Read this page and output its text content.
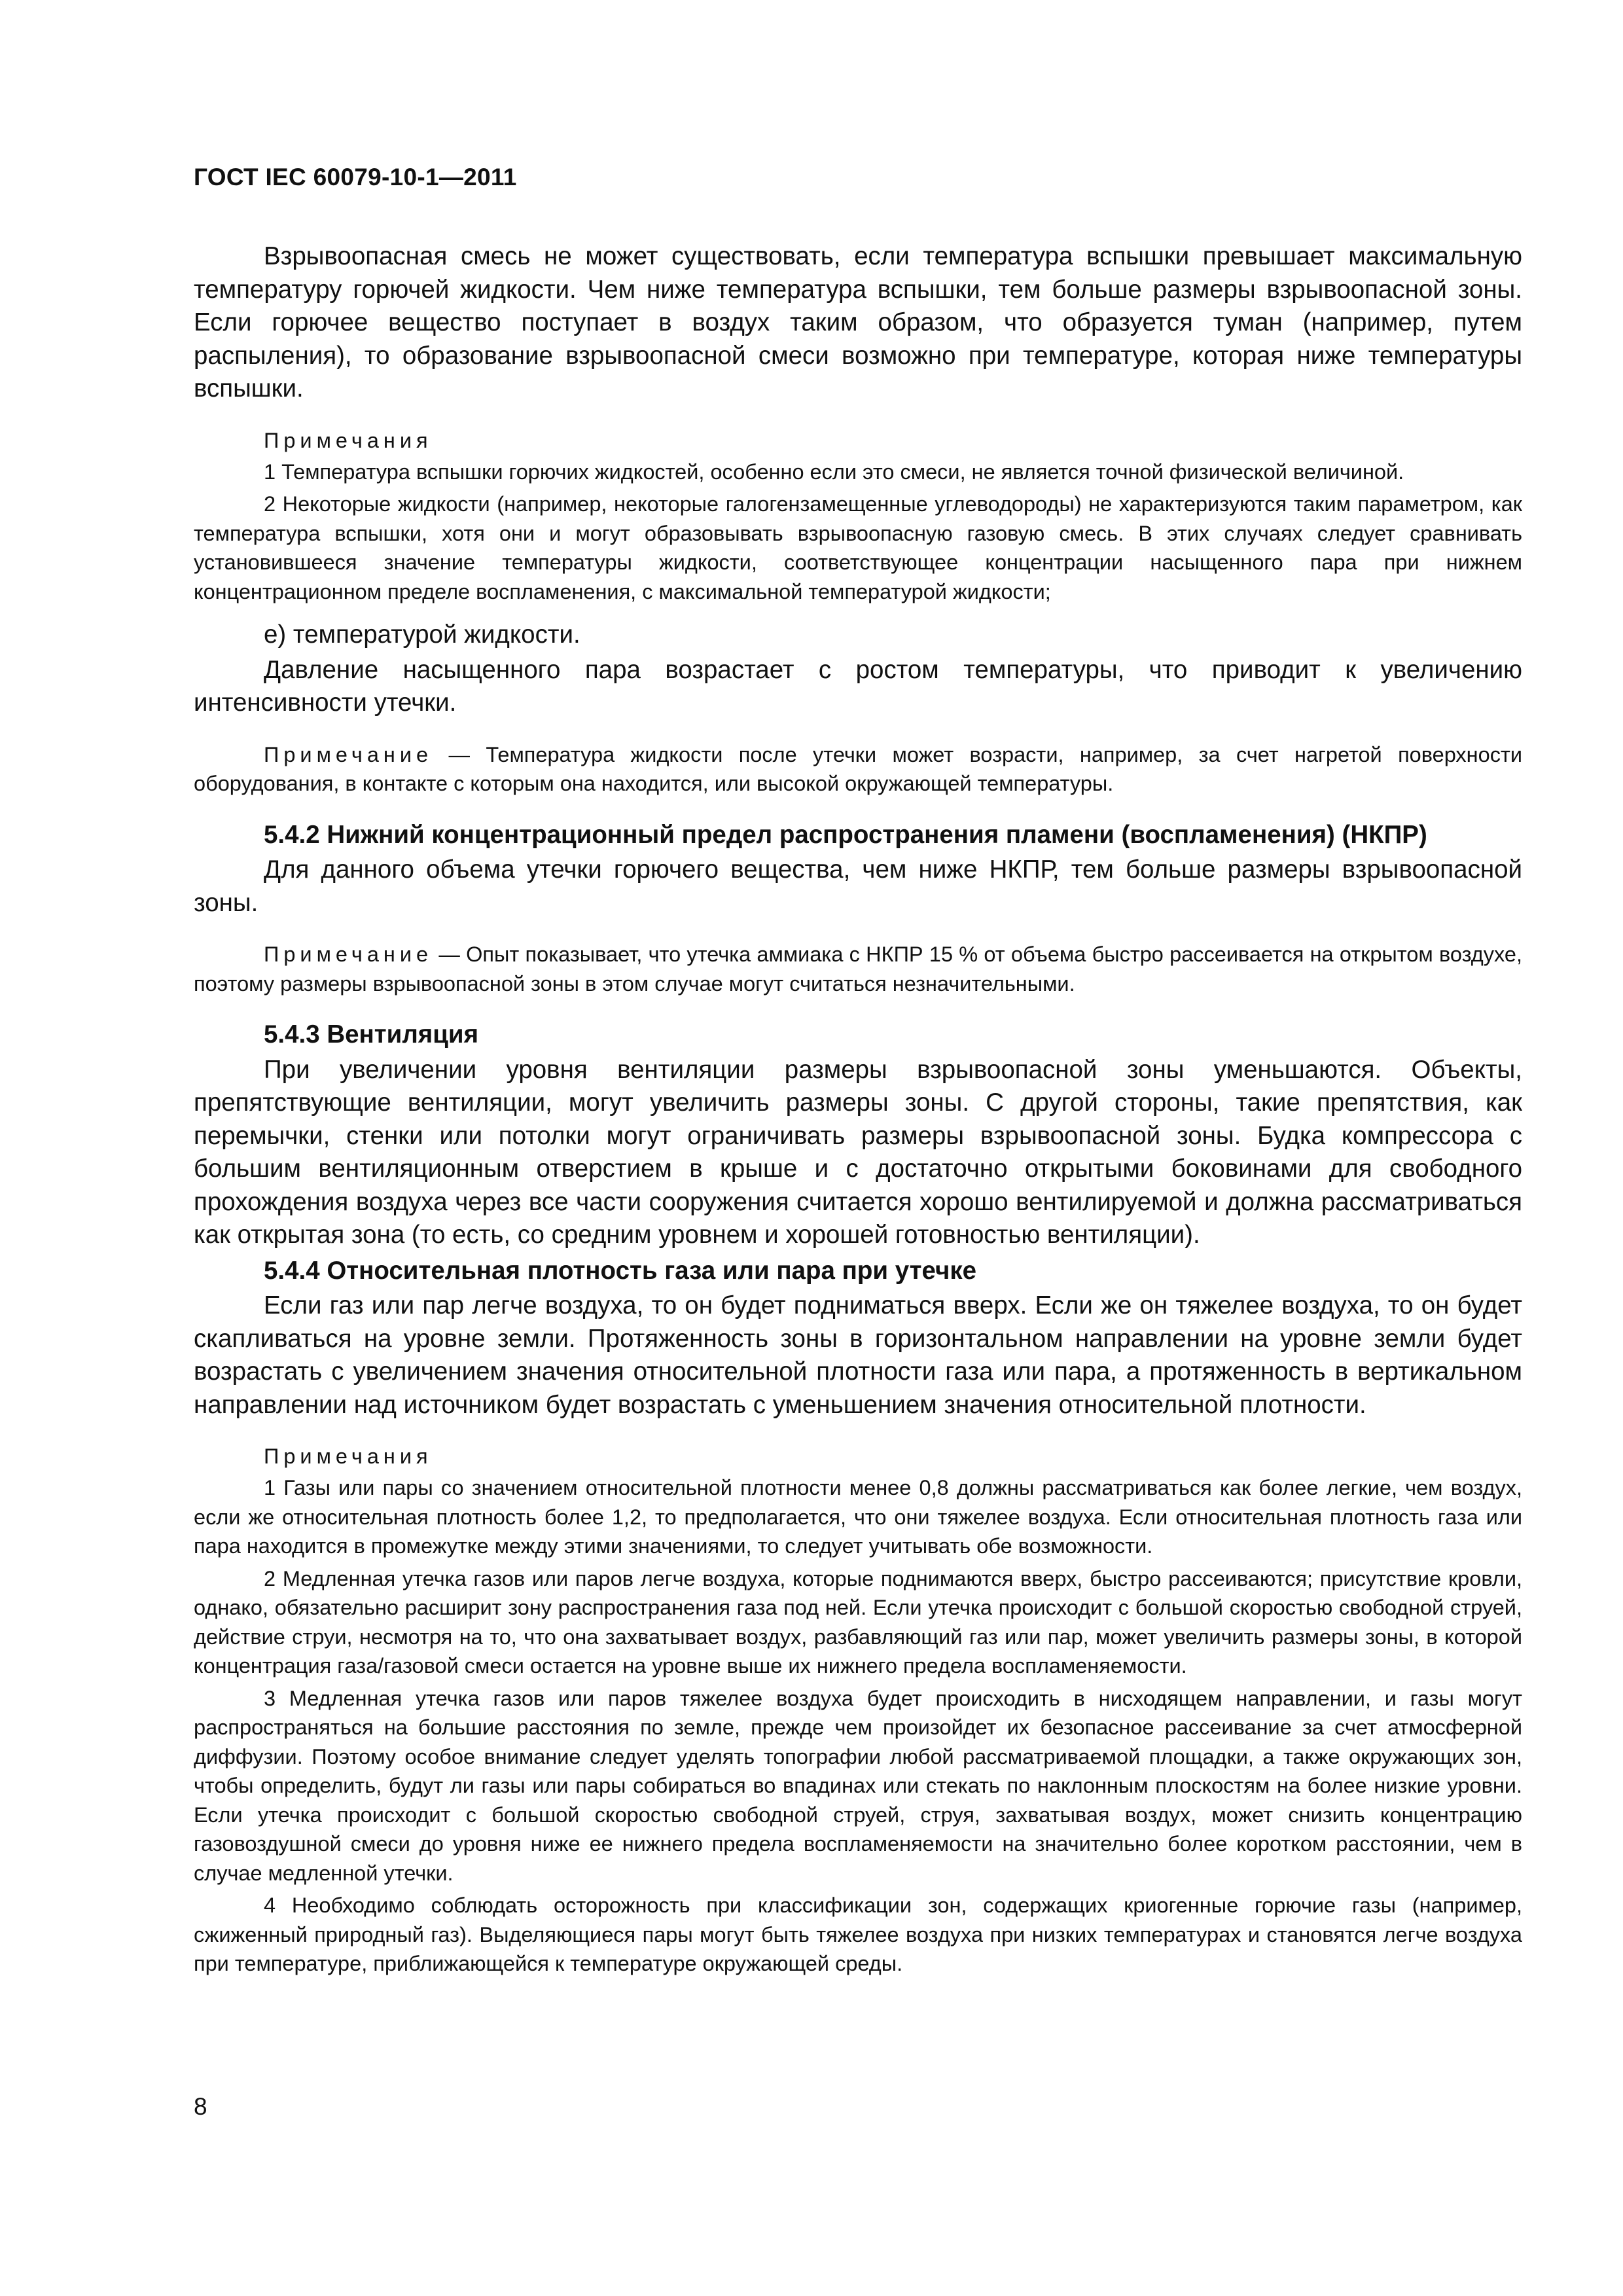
ГОСТ IEC 60079-10-1—2011

Взрывоопасная смесь не может существовать, если температура вспышки превышает максимальную температуру горючей жидкости. Чем ниже температура вспышки, тем больше размеры взрывоопасной зоны. Если горючее вещество поступает в воздух таким образом, что образуется туман (например, путем распыления), то образование взрывоопасной смеси возможно при температуре, которая ниже температуры вспышки.

Примечания

1 Температура вспышки горючих жидкостей, особенно если это смеси, не является точной физической величиной.

2 Некоторые жидкости (например, некоторые галогензамещенные углеводороды) не характеризуются таким параметром, как температура вспышки, хотя они и могут образовывать взрывоопасную газовую смесь. В этих случаях следует сравнивать установившееся значение температуры жидкости, соответствующее концентрации насыщенного пара при нижнем концентрационном пределе воспламенения, с максимальной температурой жидкости;

e) температурой жидкости.

Давление насыщенного пара возрастает с ростом температуры, что приводит к увеличению интенсивности утечки.

Примечание — Температура жидкости после утечки может возрасти, например, за счет нагретой поверхности оборудования, в контакте с которым она находится, или высокой окружающей температуры.

5.4.2 Нижний концентрационный предел распространения пламени (воспламенения) (НКПР)

Для данного объема утечки горючего вещества, чем ниже НКПР, тем больше размеры взрывоопасной зоны.

Примечание — Опыт показывает, что утечка аммиака с НКПР 15 % от объема быстро рассеивается на открытом воздухе, поэтому размеры взрывоопасной зоны в этом случае могут считаться незначительными.

5.4.3 Вентиляция

При увеличении уровня вентиляции размеры взрывоопасной зоны уменьшаются. Объекты, препятствующие вентиляции, могут увеличить размеры зоны. С другой стороны, такие препятствия, как перемычки, стенки или потолки могут ограничивать размеры взрывоопасной зоны. Будка компрессора с большим вентиляционным отверстием в крыше и с достаточно открытыми боковинами для свободного прохождения воздуха через все части сооружения считается хорошо вентилируемой и должна рассматриваться как открытая зона (то есть, со средним уровнем и хорошей готовностью вентиляции).

5.4.4 Относительная плотность газа или пара при утечке

Если газ или пар легче воздуха, то он будет подниматься вверх. Если же он тяжелее воздуха, то он будет скапливаться на уровне земли. Протяженность зоны в горизонтальном направлении на уровне земли будет возрастать с увеличением значения относительной плотности газа или пара, а протяженность в вертикальном направлении над источником будет возрастать с уменьшением значения относительной плотности.

Примечания

1 Газы или пары со значением относительной плотности менее 0,8 должны рассматриваться как более легкие, чем воздух, если же относительная плотность более 1,2, то предполагается, что они тяжелее воздуха. Если относительная плотность газа или пара находится в промежутке между этими значениями, то следует учитывать обе возможности.

2 Медленная утечка газов или паров легче воздуха, которые поднимаются вверх, быстро рассеиваются; присутствие кровли, однако, обязательно расширит зону распространения газа под ней. Если утечка происходит с большой скоростью свободной струей, действие струи, несмотря на то, что она захватывает воздух, разбавляющий газ или пар, может увеличить размеры зоны, в которой концентрация газа/газовой смеси остается на уровне выше их нижнего предела воспламеняемости.

3 Медленная утечка газов или паров тяжелее воздуха будет происходить в нисходящем направлении, и газы могут распространяться на большие расстояния по земле, прежде чем произойдет их безопасное рассеивание за счет атмосферной диффузии. Поэтому особое внимание следует уделять топографии любой рассматриваемой площадки, а также окружающих зон, чтобы определить, будут ли газы или пары собираться во впадинах или стекать по наклонным плоскостям на более низкие уровни. Если утечка происходит с большой скоростью свободной струей, струя, захватывая воздух, может снизить концентрацию газовоздушной смеси до уровня ниже ее нижнего предела воспламеняемости на значительно более коротком расстоянии, чем в случае медленной утечки.

4 Необходимо соблюдать осторожность при классификации зон, содержащих криогенные горючие газы (например, сжиженный природный газ). Выделяющиеся пары могут быть тяжелее воздуха при низких температурах и становятся легче воздуха при температуре, приближающейся к температуре окружающей среды.

8
